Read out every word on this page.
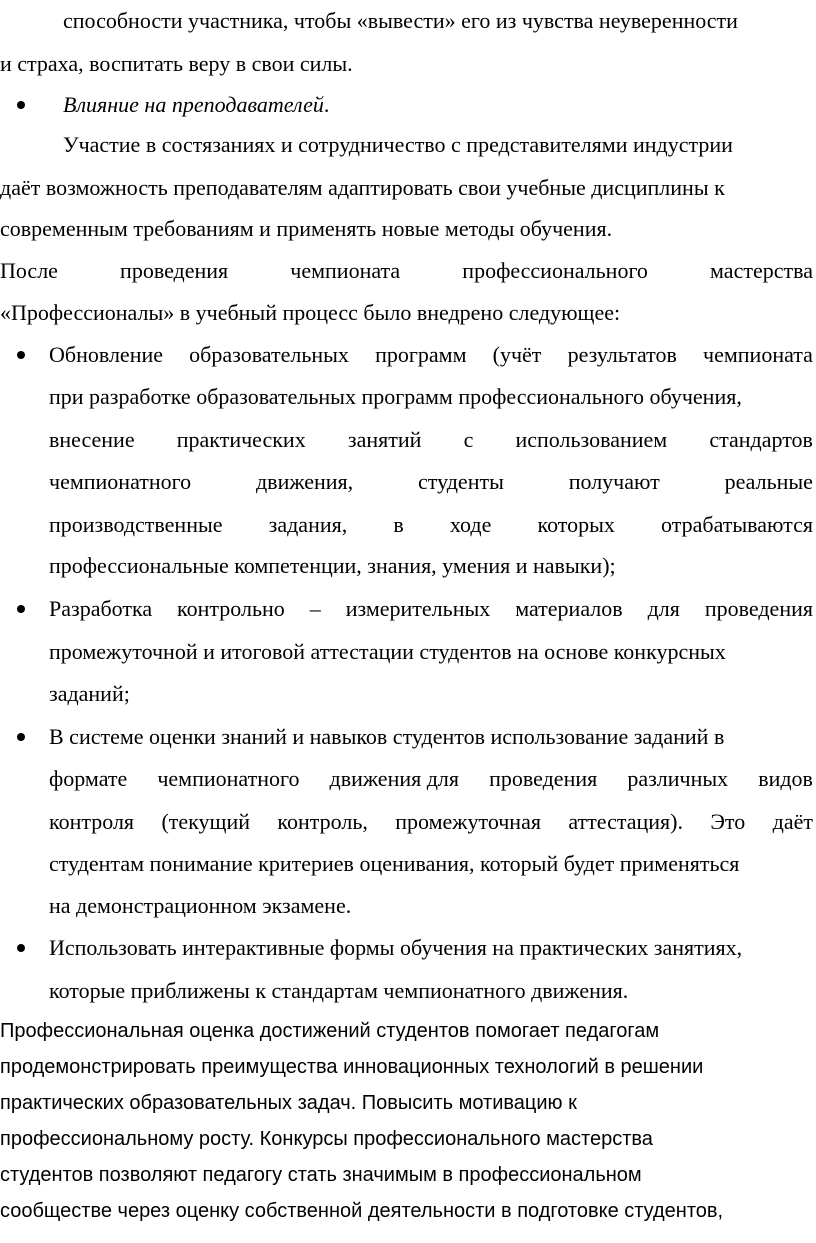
способности участника, чтобы «вывести» его из чувства неуверенности
и страха, воспитать веру в свои силы.
Влияние на преподавателей.
Участие в состязаниях и сотрудничество с представителями индустрии
даёт возможность преподавателям адаптировать свои учебные дисциплины к
современным требованиям и применять новые методы обучения.
После	проведения	чемпионата	профессионального	мастерства
«Профессионалы» в учебный процесс было внедрено следующее:
Обновление образовательных программ (учёт результатов чемпионата
при разработке образовательных программ профессионального обучения,
внесение практических занятий с использованием стандартов
чемпионатного	движения,	студенты	получают	реальные
производственные задания, в ходе которых отрабатываются
профессиональные компетенции, знания, умения и навыки);
Разработка контрольно – измерительных материалов для проведения
промежуточной и итоговой аттестации студентов на основе конкурсных
заданий;
В системе оценки знаний и навыков студентов использование заданий в
формате чемпионатного движения для проведения различных видов
контроля (текущий контроль, промежуточная аттестация). Это даёт
студентам понимание критериев оценивания, который будет применяться
на демонстрационном экзамене.
Использовать интерактивные формы обучения на практических занятиях,
которые приближены к стандартам чемпионатного движения.
Профессиональная оценка достижений студентов помогает педагогам
продемонстрировать преимущества инновационных технологий в решении
практических образовательных задач. Повысить мотивацию к
профессиональному росту. Конкурсы профессионального мастерства
студентов позволяют педагогу стать значимым в профессиональном
сообществе через оценку собственной деятельности в подготовке студентов,
